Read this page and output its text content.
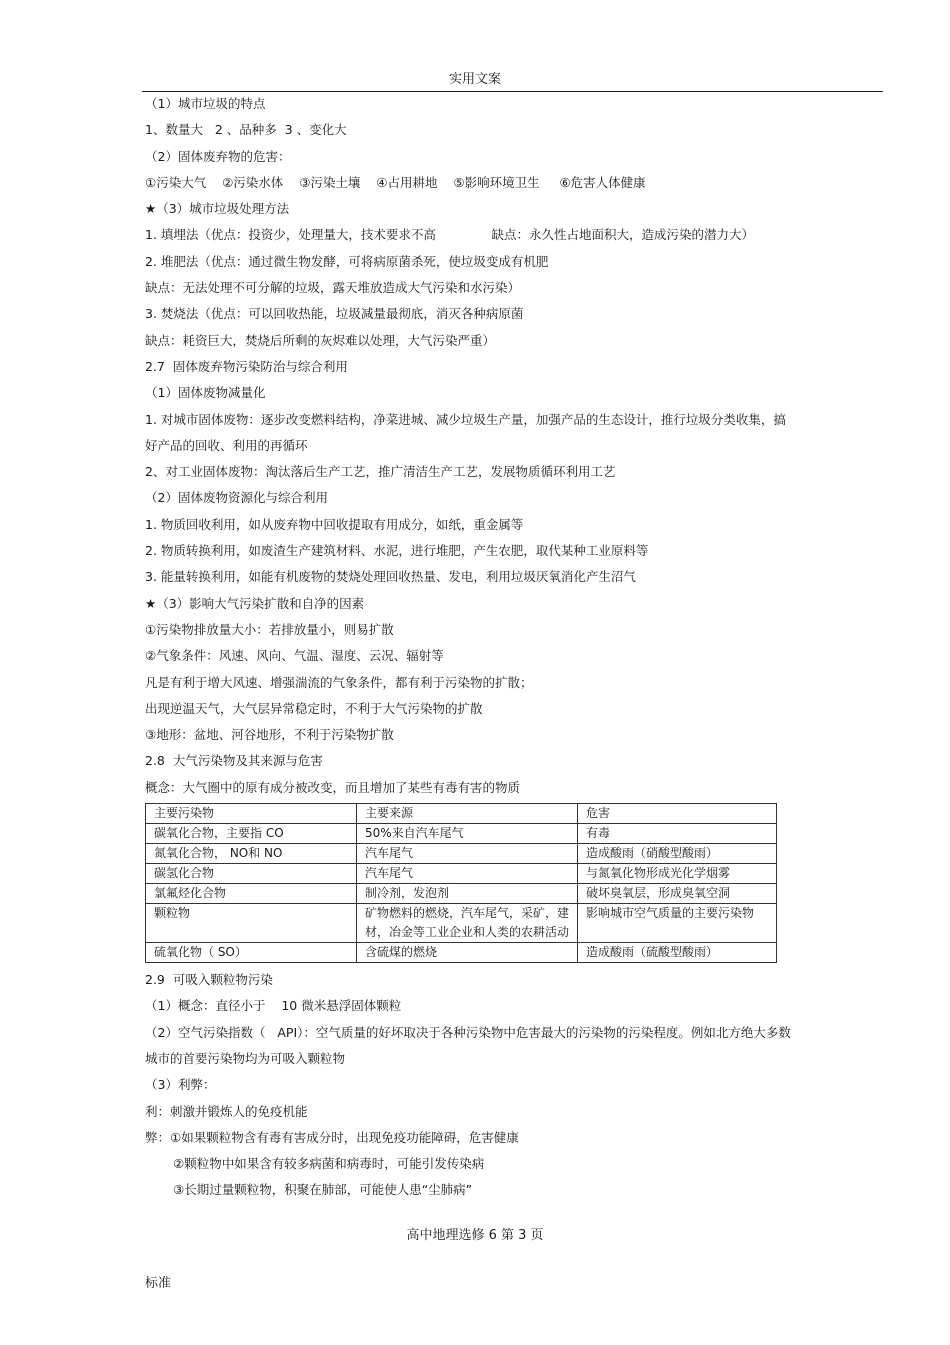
实用文案
（1）城市垃圾的特点
1、数量大   2 、品种多  3 、变化大
（2）固体废弃物的危害：
①污染大气    ②污染水体    ③污染土壤    ④占用耕地    ⑤影响环境卫生     ⑥危害人体健康
★（3）城市垃圾处理方法
1. 填埋法（优点：投资少，处理量大，技术要求不高              缺点：永久性占地面积大，造成污染的潜力大）
2. 堆肥法（优点：通过微生物发酵，可将病原菌杀死，使垃圾变成有机肥
缺点：无法处理不可分解的垃圾，露天堆放造成大气污染和水污染）
3. 焚烧法（优点：可以回收热能，垃圾减量最彻底，消灭各种病原菌
缺点：耗资巨大，焚烧后所剩的灰烬难以处理，大气污染严重）
2.7  固体废弃物污染防治与综合利用
（1）固体废物减量化
1. 对城市固体废物：逐步改变燃料结构，净菜进城、减少垃圾生产量，加强产品的生态设计，推行垃圾分类收集，搞
好产品的回收、利用的再循环
2、对工业固体废物：淘汰落后生产工艺，推广清洁生产工艺，发展物质循环利用工艺
（2）固体废物资源化与综合利用
1. 物质回收利用，如从废弃物中回收提取有用成分，如纸，重金属等
2. 物质转换利用，如废渣生产建筑材料、水泥，进行堆肥，产生农肥，取代某种工业原料等
3. 能量转换利用，如能有机废物的焚烧处理回收热量、发电，利用垃圾厌氧消化产生沼气
★（3）影响大气污染扩散和自净的因素
①污染物排放量大小：若排放量小，则易扩散
②气象条件：风速、风向、气温、湿度、云况、辐射等
凡是有利于增大风速、增强湍流的气象条件，都有利于污染物的扩散；
出现逆温天气，大气层异常稳定时，不利于大气污染物的扩散
③地形：盆地、河谷地形，不利于污染物扩散
2.8  大气污染物及其来源与危害
概念：大气圈中的原有成分被改变，而且增加了某些有毒有害的物质
主要污染物	主要来源	危害
碳氧化合物，主要指 CO	50%来自汽车尾气	有毒
氮氧化合物， NO和 NO	汽车尾气	造成酸雨（硝酸型酸雨）
碳氢化合物	汽车尾气	与氮氧化物形成光化学烟雾
氯氟烃化合物	制冷剂，发泡剂	破坏臭氧层，形成臭氧空洞
颗粒物	矿物燃料的燃烧，汽车尾气，采矿，建材，冶金等工业企业和人类的农耕活动	影响城市空气质量的主要污染物
硫氧化物（ SO）	含硫煤的燃烧	造成酸雨（硫酸型酸雨）
2.9  可吸入颗粒物污染
（1）概念：直径小于    10 微米悬浮固体颗粒
（2）空气污染指数（   API）：空气质量的好坏取决于各种污染物中危害最大的污染物的污染程度。例如北方绝大多数
城市的首要污染物均为可吸入颗粒物
（3）利弊：
利：刺激并锻炼人的免疫机能
弊：①如果颗粒物含有毒有害成分时，出现免疫功能障碍，危害健康
②颗粒物中如果含有较多病菌和病毒时，可能引发传染病
③长期过量颗粒物，积聚在肺部，可能使人患“尘肺病”
高中地理选修 6 第 3 页
标准
